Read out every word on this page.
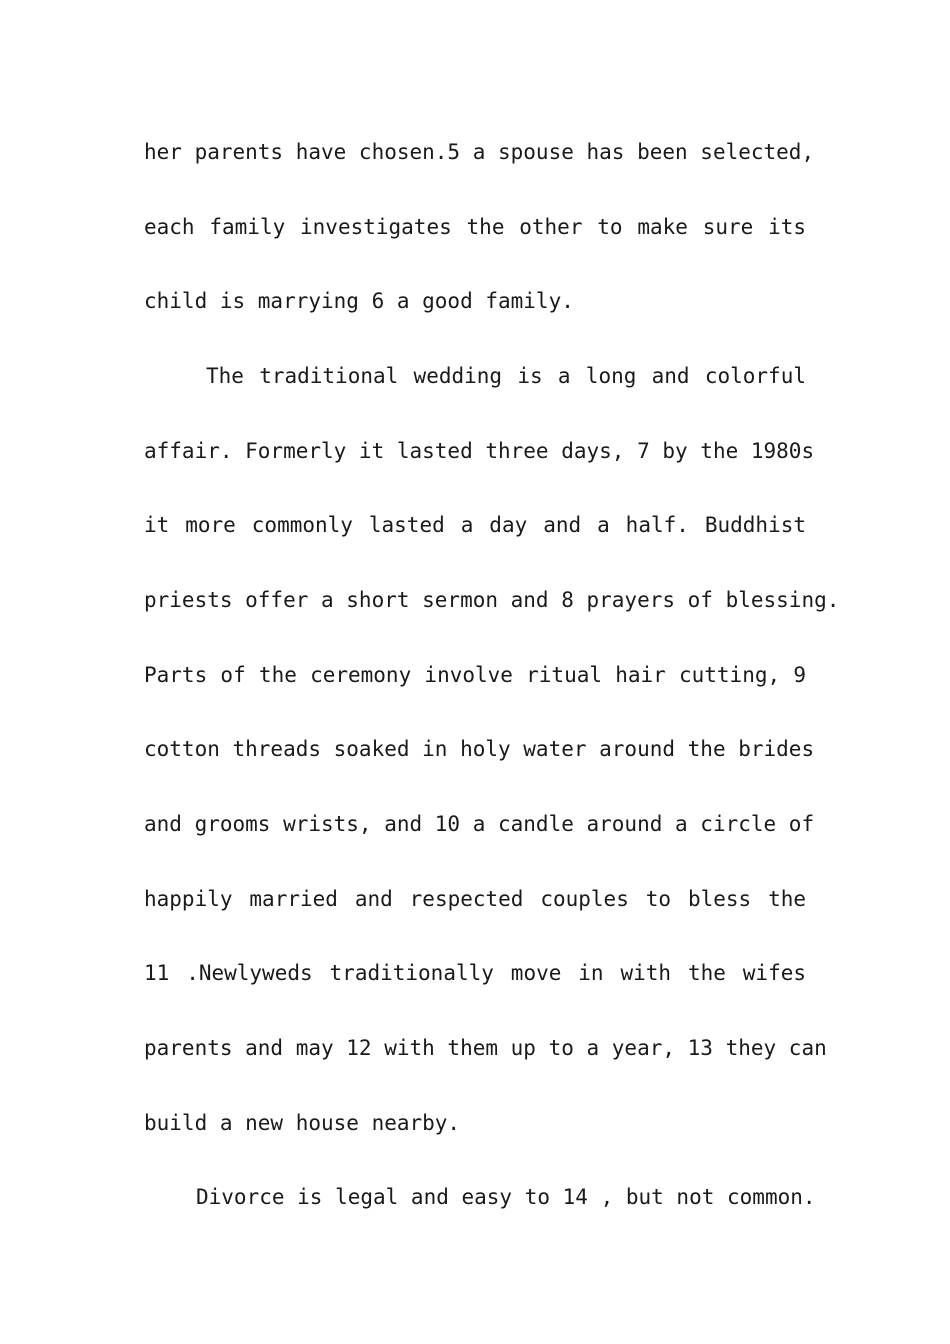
her parents have chosen.5 a spouse has been selected,
each family investigates the other to make sure its
child is marrying 6 a good family.
The traditional wedding is a long and colorful
affair. Formerly it lasted three days, 7 by the 1980s
it more commonly lasted a day and a half. Buddhist
priests offer a short sermon and 8 prayers of blessing.
Parts of the ceremony involve ritual hair cutting, 9
cotton threads soaked in holy water around the brides
and grooms wrists, and 10 a candle around a circle of
happily married and respected couples to bless the
11 .Newlyweds traditionally move in with the wifes
parents and may 12 with them up to a year, 13 they can
build a new house nearby.
Divorce is legal and easy to 14 , but not common.
